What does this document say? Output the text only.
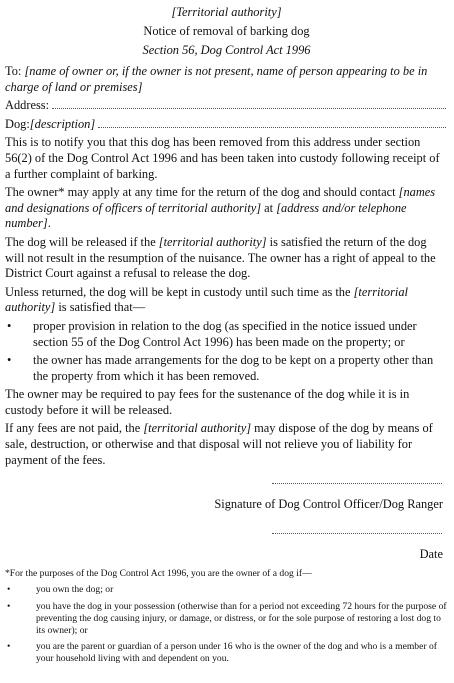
[Territorial authority]
Notice of removal of barking dog
Section 56, Dog Control Act 1996

To: [name of owner or, if the owner is not present, name of person appearing to be in charge of land or premises]

Address:
Dog: [description]

This is to notify you that this dog has been removed from this address under section 56(2) of the Dog Control Act 1996 and has been taken into custody following receipt of a further complaint of barking.

The owner* may apply at any time for the return of the dog and should contact [names and designations of officers of territorial authority] at [address and/or telephone number].

The dog will be released if the [territorial authority] is satisfied the return of the dog will not result in the resumption of the nuisance. The owner has a right of appeal to the District Court against a refusal to release the dog.

Unless returned, the dog will be kept in custody until such time as the [territorial authority] is satisfied that—

• proper provision in relation to the dog (as specified in the notice issued under section 55 of the Dog Control Act 1996) has been made on the property; or
• the owner has made arrangements for the dog to be kept on a property other than the property from which it has been removed.

The owner may be required to pay fees for the sustenance of the dog while it is in custody before it will be released.

If any fees are not paid, the [territorial authority] may dispose of the dog by means of sale, destruction, or otherwise and that disposal will not relieve you of liability for payment of the fees.

Signature of Dog Control Officer/Dog Ranger
Date

*For the purposes of the Dog Control Act 1996, you are the owner of a dog if—

•	you own the dog; or
•	you have the dog in your possession (otherwise than for a period not exceeding 72 hours for the purpose of preventing the dog causing injury, or damage, or distress, or for the sole purpose of restoring a lost dog to its owner); or
•	you are the parent or guardian of a person under 16 who is the owner of the dog and who is a member of your household living with and dependent on you.
